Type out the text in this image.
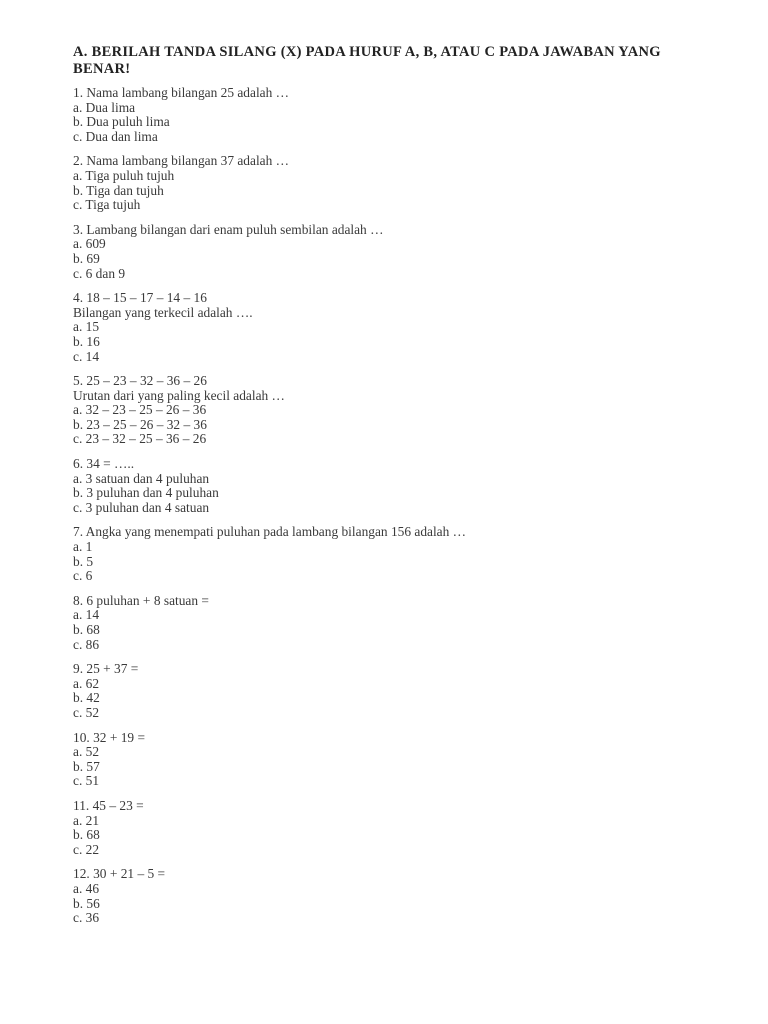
A. BERILAH TANDA SILANG (X) PADA HURUF A, B, ATAU C PADA JAWABAN YANG BENAR!
1. Nama lambang bilangan 25 adalah …
a. Dua lima
b. Dua puluh lima
c. Dua dan lima
2. Nama lambang bilangan 37 adalah …
a. Tiga puluh tujuh
b. Tiga dan tujuh
c. Tiga tujuh
3. Lambang bilangan dari enam puluh sembilan adalah …
a. 609
b. 69
c. 6 dan 9
4. 18 – 15 – 17 – 14 – 16
Bilangan yang terkecil adalah ….
a. 15
b. 16
c. 14
5. 25 – 23 – 32 – 36 – 26
Urutan dari yang paling kecil adalah …
a. 32 – 23 – 25 – 26 – 36
b. 23 – 25 – 26 – 32 – 36
c. 23 – 32 – 25 – 36 – 26
6. 34 = …..
a. 3 satuan dan 4 puluhan
b. 3 puluhan dan 4 puluhan
c. 3 puluhan dan 4 satuan
7. Angka yang menempati puluhan pada lambang bilangan 156 adalah …
a. 1
b. 5
c. 6
8. 6 puluhan + 8 satuan =
a. 14
b. 68
c. 86
9. 25 + 37 =
a. 62
b. 42
c. 52
10. 32 + 19 =
a. 52
b. 57
c. 51
11. 45 – 23 =
a. 21
b. 68
c. 22
12. 30 + 21 – 5 =
a. 46
b. 56
c. 36
